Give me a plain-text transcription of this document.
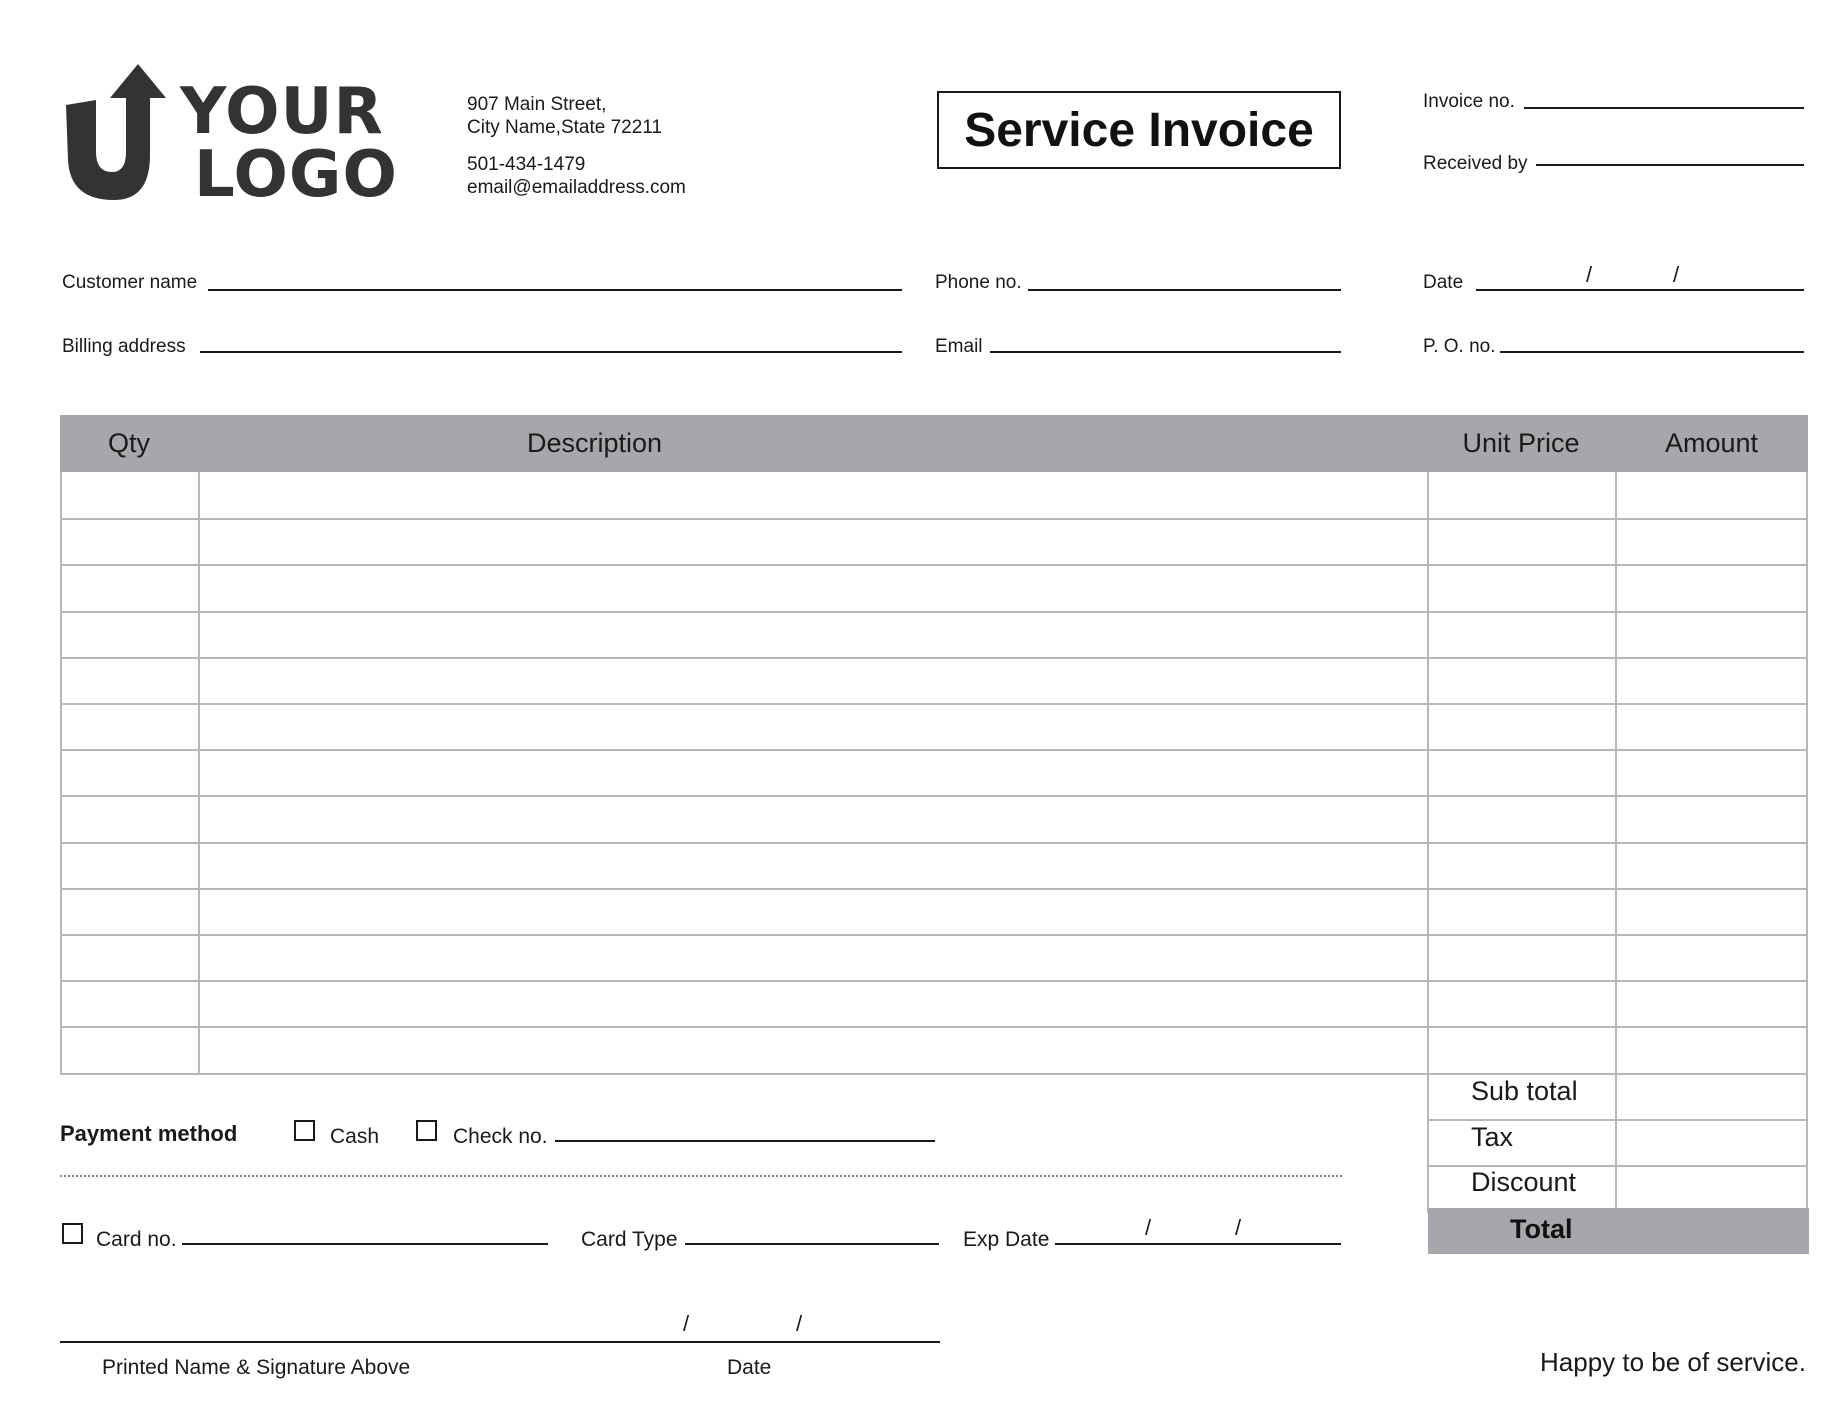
YOUR
LOGO
907 Main Street,
City Name,State 72211
501-434-1479
email@emailaddress.com
Service Invoice
Invoice no.
Received by
Customer name	Phone no.	Date	/	/
Billing address	Email	P. O. no.
Qty	Description	Unit Price	Amount
Sub total
Tax
Discount
Total
Payment method	Cash	Check no.
Card no.	Card Type	Exp Date	/	/
/	/
Printed Name & Signature Above	Date	Happy to be of service.
